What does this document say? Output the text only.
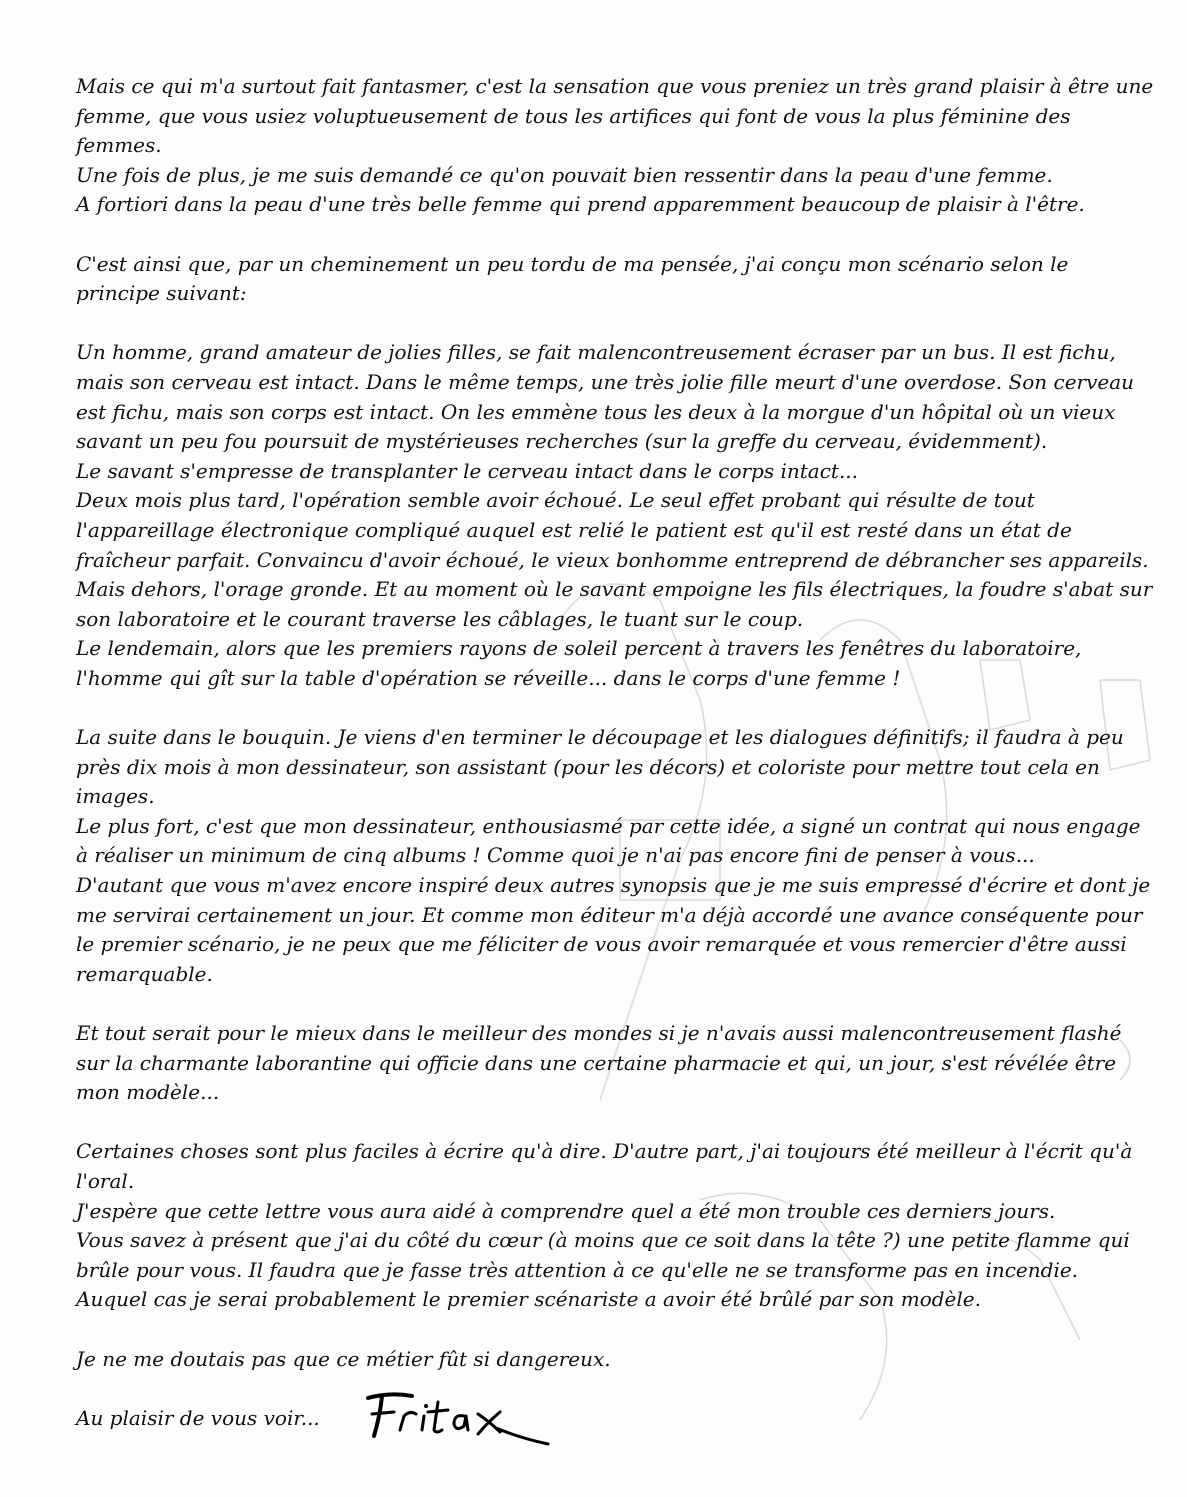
Mais ce qui m'a surtout fait fantasmer, c'est la sensation que vous preniez un très grand plaisir à être une femme, que vous usiez voluptueusement de tous les artifices qui font de vous la plus féminine des femmes.

Une fois de plus, je me suis demandé ce qu'on pouvait bien ressentir dans la peau d'une femme.

A fortiori dans la peau d'une très belle femme qui prend apparemment beaucoup de plaisir à l'être.

C'est ainsi que, par un cheminement un peu tordu de ma pensée, j'ai conçu mon scénario selon le principe suivant:

Un homme, grand amateur de jolies filles, se fait malencontreusement écraser par un bus. Il est fichu, mais son cerveau est intact. Dans le même temps, une très jolie fille meurt d'une overdose. Son cerveau est fichu, mais son corps est intact. On les emmène tous les deux à la morgue d'un hôpital où un vieux savant un peu fou poursuit de mystérieuses recherches (sur la greffe du cerveau, évidemment).

Le savant s'empresse de transplanter le cerveau intact dans le corps intact...

Deux mois plus tard, l'opération semble avoir échoué. Le seul effet probant qui résulte de tout l'appareillage électronique compliqué auquel est relié le patient est qu'il est resté dans un état de fraîcheur parfait. Convaincu d'avoir échoué, le vieux bonhomme entreprend de débrancher ses appareils.

Mais dehors, l'orage gronde. Et au moment où le savant empoigne les fils électriques, la foudre s'abat sur son laboratoire et le courant traverse les câblages, le tuant sur le coup.

Le lendemain, alors que les premiers rayons de soleil percent à travers les fenêtres du laboratoire, l'homme qui gît sur la table d'opération se réveille... dans le corps d'une femme !

La suite dans le bouquin. Je viens d'en terminer le découpage et les dialogues définitifs; il faudra à peu près dix mois à mon dessinateur, son assistant (pour les décors) et coloriste pour mettre tout cela en images.

Le plus fort, c'est que mon dessinateur, enthousiasmé par cette idée, a signé un contrat qui nous engage à réaliser un minimum de cinq albums ! Comme quoi je n'ai pas encore fini de penser à vous...

D'autant que vous m'avez encore inspiré deux autres synopsis que je me suis empressé d'écrire et dont je me servirai certainement un jour. Et comme mon éditeur m'a déjà accordé une avance conséquente pour le premier scénario, je ne peux que me féliciter de vous avoir remarquée et vous remercier d'être aussi remarquable.

Et tout serait pour le mieux dans le meilleur des mondes si je n'avais aussi malencontreusement flashé sur la charmante laborantine qui officie dans une certaine pharmacie et qui, un jour, s'est révélée être mon modèle...

Certaines choses sont plus faciles à écrire qu'à dire. D'autre part, j'ai toujours été meilleur à l'écrit qu'à l'oral.

J'espère que cette lettre vous aura aidé à comprendre quel a été mon trouble ces derniers jours.

Vous savez à présent que j'ai du côté du cœur (à moins que ce soit dans la tête ?) une petite flamme qui brûle pour vous. Il faudra que je fasse très attention à ce qu'elle ne se transforme pas en incendie.

Auquel cas je serai probablement le premier scénariste a avoir été brûlé par son modèle.

Je ne me doutais pas que ce métier fût si dangereux.

Au plaisir de vous voir...
